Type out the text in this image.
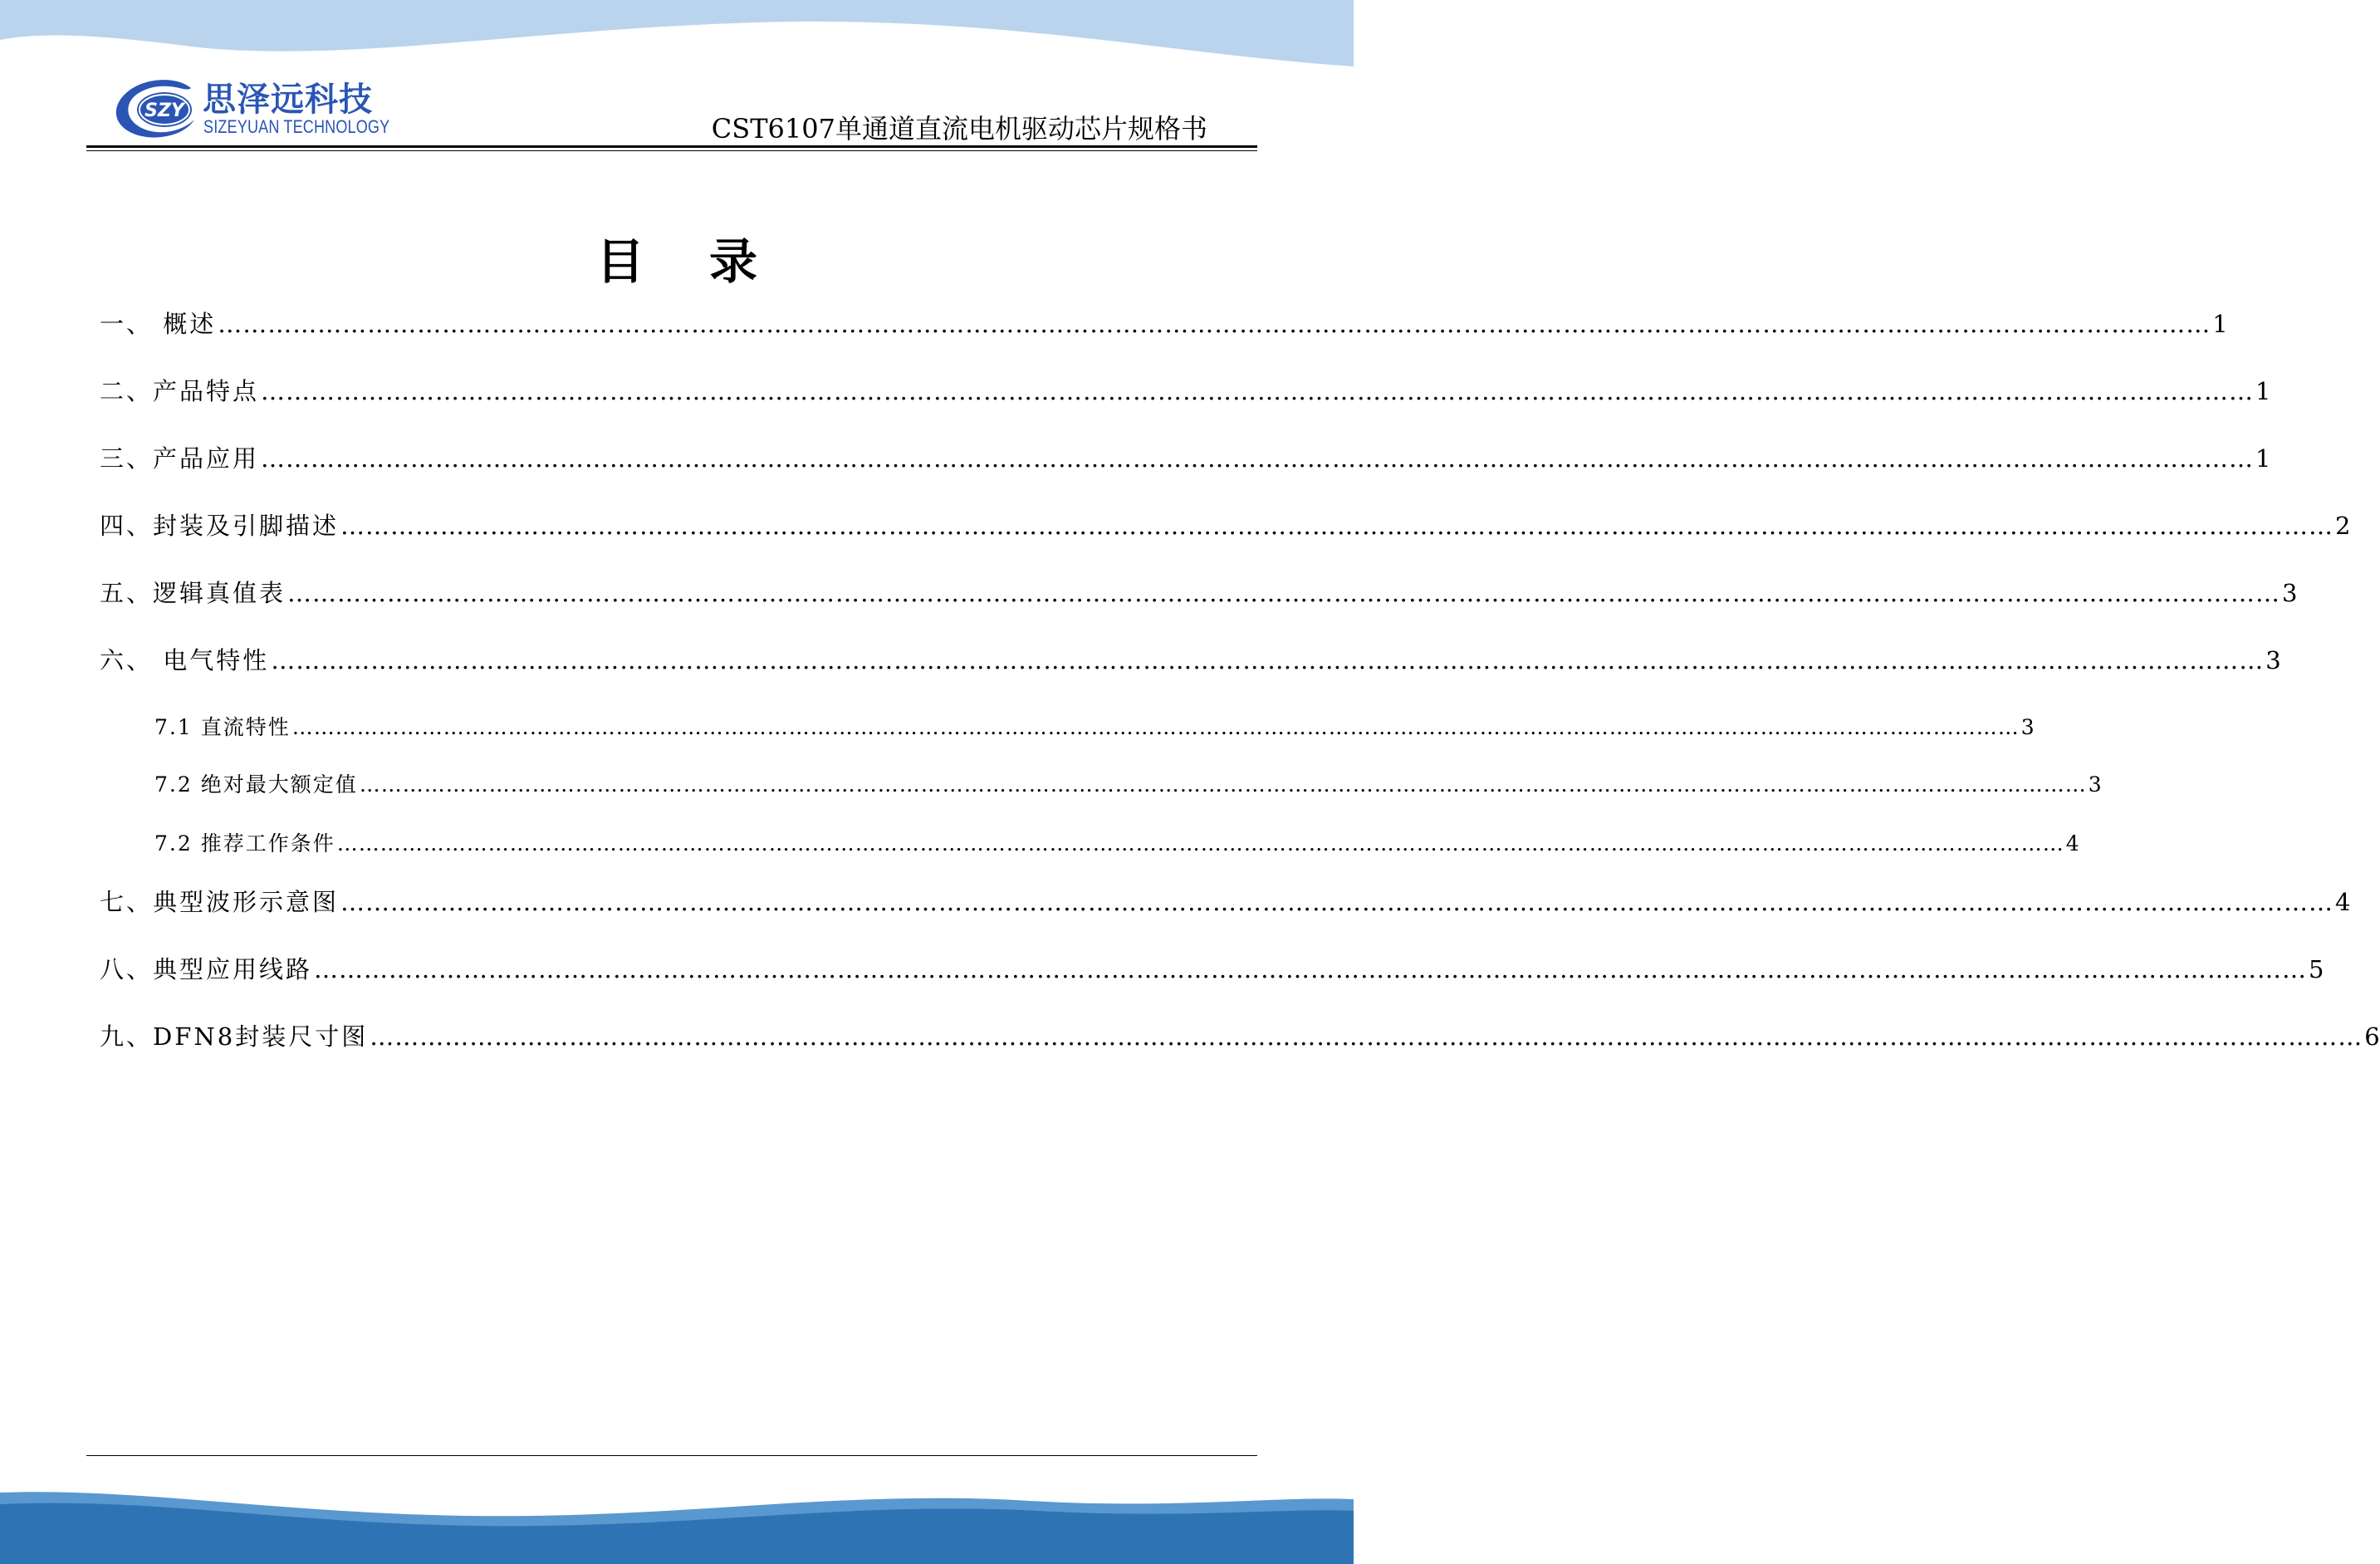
SZY 思泽远科技
SIZEYUAN TECHNOLOGY	CST6107单通道直流电机驱动芯片规格书
目录
一、 概述 …………………………………………………………………………………………………………………………………………………………………………………………………………………… 1
二、产品特点 …………………………………………………………………………………………………………………………………………………………………………………………………………………… 1
三、产品应用 …………………………………………………………………………………………………………………………………………………………………………………………………………………… 1
四、封装及引脚描述 …………………………………………………………………………………………………………………………………………………………………………………………………………………… 2
五、逻辑真值表 …………………………………………………………………………………………………………………………………………………………………………………………………………………… 3
六、 电气特性 …………………………………………………………………………………………………………………………………………………………………………………………………………………… 3
7.1 直流特性 …………………………………………………………………………………………………………………………………………………………………………………………………………………… 3
7.2 绝对最大额定值 …………………………………………………………………………………………………………………………………………………………………………………………………………………… 3
7.2 推荐工作条件 …………………………………………………………………………………………………………………………………………………………………………………………………………………… 4
七、典型波形示意图 …………………………………………………………………………………………………………………………………………………………………………………………………………………… 4
八、典型应用线路 …………………………………………………………………………………………………………………………………………………………………………………………………………………… 5
九、DFN8封装尺寸图 …………………………………………………………………………………………………………………………………………………………………………………………………………………… 6
